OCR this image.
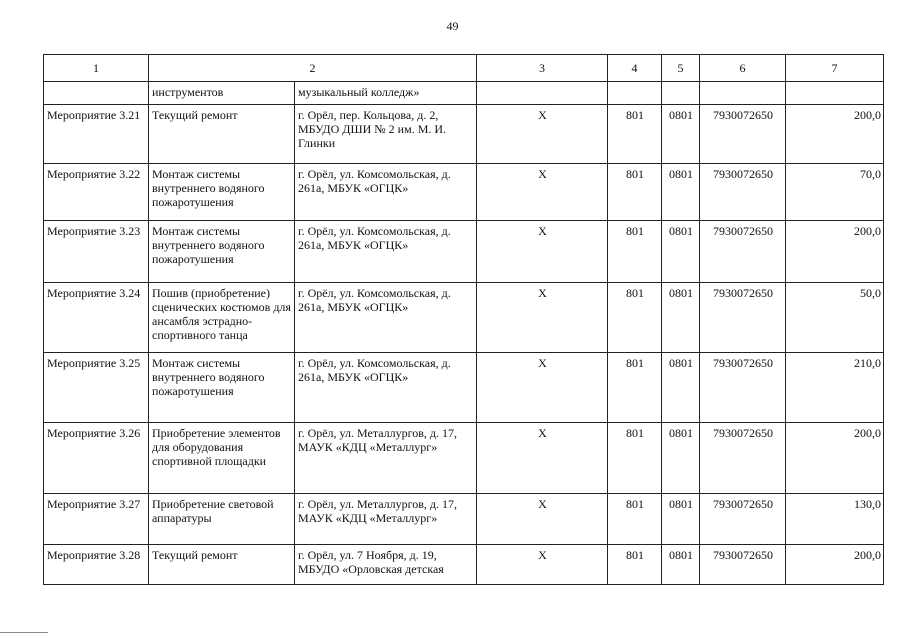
49
1	2		3	4	5	6	7
	инструментов	музыкальный колледж»					
Мероприятие 3.21	Текущий ремонт	г. Орёл, пер. Кольцова, д. 2, МБУДО ДШИ № 2 им. М. И. Глинки	X	801	0801	7930072650	200,0
Мероприятие 3.22	Монтаж системы внутреннего водяного пожаротушения	г. Орёл, ул. Комсомольская, д. 261а, МБУК «ОГЦК»	X	801	0801	7930072650	70,0
Мероприятие 3.23	Монтаж системы внутреннего водяного пожаротушения	г. Орёл, ул. Комсомольская, д. 261а, МБУК «ОГЦК»	X	801	0801	7930072650	200,0
Мероприятие 3.24	Пошив (приобретение) сценических костюмов для ансамбля эстрадно-спортивного танца	г. Орёл, ул. Комсомольская, д. 261а, МБУК «ОГЦК»	X	801	0801	7930072650	50,0
Мероприятие 3.25	Монтаж системы внутреннего водяного пожаротушения	г. Орёл, ул. Комсомольская, д. 261а, МБУК «ОГЦК»	X	801	0801	7930072650	210,0
Мероприятие 3.26	Приобретение элементов для оборудования спортивной площадки	г. Орёл, ул. Металлургов, д. 17, МАУК «КДЦ «Металлург»	X	801	0801	7930072650	200,0
Мероприятие 3.27	Приобретение световой аппаратуры	г. Орёл, ул. Металлургов, д. 17, МАУК «КДЦ «Металлург»	X	801	0801	7930072650	130,0
Мероприятие 3.28	Текущий ремонт	г. Орёл, ул. 7 Ноября, д. 19, МБУДО «Орловская детская	X	801	0801	7930072650	200,0
